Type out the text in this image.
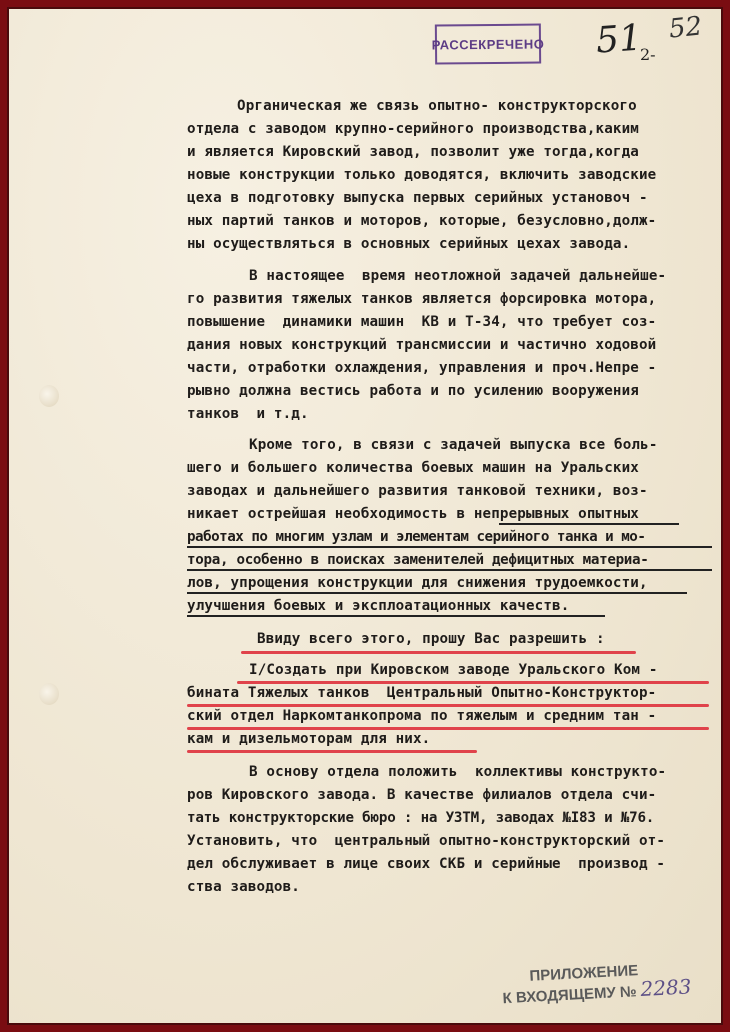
РАССЕКРЕЧЕНО 51
2-
52
Органическая же связь опытно- конструкторского
отдела с заводом крупно-серийного производства,каким
и является Кировский завод, позволит уже тогда,когда
новые конструкции только доводятся, включить заводские
цеха в подготовку выпуска первых серийных установоч -
ных партий танков и моторов, которые, безусловно,долж-
ны осуществляться в основных серийных цехах завода.
В настоящее  время неотложной задачей дальнейше-
го развития тяжелых танков является форсировка мотора,
повышение  динамики машин  КВ и Т-34, что требует соз-
дания новых конструкций трансмиссии и частично ходовой
части, отработки охлаждения, управления и проч.Непре -
рывно должна вестись работа и по усилению вооружения
танков  и т.д.
Кроме того, в связи с задачей выпуска все боль-
шего и большего количества боевых машин на Уральских
заводах и дальнейшего развития танковой техники, воз-
никает острейшая необходимость в непрерывных опытных
работах по многим узлам и элементам серийного танка и мо-
тора, особенно в поисках заменителей дефицитных материа-
лов, упрощения конструкции для снижения трудоемкости,
улучшения боевых и эксплоатационных качеств.
Ввиду всего этого, прошу Вас разрешить :
I/Создать при Кировском заводе Уральского Ком -
бината Тяжелых танков  Центральный Опытно-Конструктор-
ский отдел Наркомтанкопрома по тяжелым и средним тан -
кам и дизельмоторам для них.
В основу отдела положить  коллективы конструкто-
ров Кировского завода. В качестве филиалов отдела счи-
тать конструкторские бюро : на УЗТМ, заводах №I83 и №76.
Установить, что  центральный опытно-конструкторский от-
дел обслуживает в лице своих СКБ и серийные  производ -
ства заводов.
ПРИЛОЖЕНИЕ
К ВХОДЯЩЕМУ № 2283
